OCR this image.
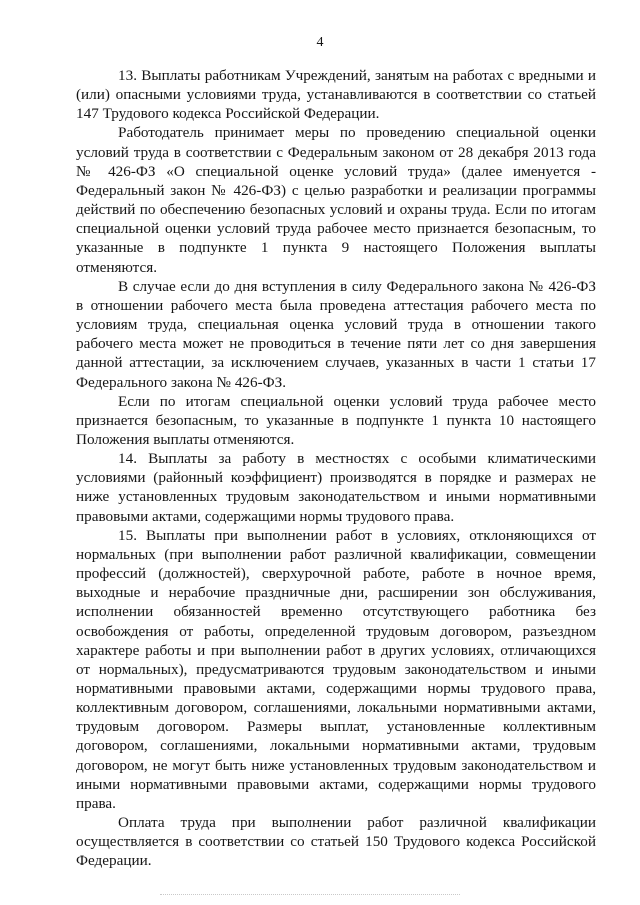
4

13. Выплаты работникам Учреждений, занятым на работах с вредными и (или) опасными условиями труда, устанавливаются в соответствии со статьей 147 Трудового кодекса Российской Федерации.

Работодатель принимает меры по проведению специальной оценки условий труда в соответствии с Федеральным законом от 28 декабря 2013 года № 426-ФЗ «О специальной оценке условий труда» (далее именуется - Федеральный закон № 426-ФЗ) с целью разработки и реализации программы действий по обеспечению безопасных условий и охраны труда. Если по итогам специальной оценки условий труда рабочее место признается безопасным, то указанные в подпункте 1 пункта 9 настоящего Положения выплаты отменяются.

В случае если до дня вступления в силу Федерального закона № 426-ФЗ в отношении рабочего места была проведена аттестация рабочего места по условиям труда, специальная оценка условий труда в отношении такого рабочего места может не проводиться в течение пяти лет со дня завершения данной аттестации, за исключением случаев, указанных в части 1 статьи 17 Федерального закона № 426-ФЗ.

Если по итогам специальной оценки условий труда рабочее место признается безопасным, то указанные в подпункте 1 пункта 10 настоящего Положения выплаты отменяются.

14. Выплаты за работу в местностях с особыми климатическими условиями (районный коэффициент) производятся в порядке и размерах не ниже установленных трудовым законодательством и иными нормативными правовыми актами, содержащими нормы трудового права.

15. Выплаты при выполнении работ в условиях, отклоняющихся от нормальных (при выполнении работ различной квалификации, совмещении профессий (должностей), сверхурочной работе, работе в ночное время, выходные и нерабочие праздничные дни, расширении зон обслуживания, исполнении обязанностей временно отсутствующего работника без освобождения от работы, определенной трудовым договором, разъездном характере работы и при выполнении работ в других условиях, отличающихся от нормальных), предусматриваются трудовым законодательством и иными нормативными правовыми актами, содержащими нормы трудового права, коллективным договором, соглашениями, локальными нормативными актами, трудовым договором. Размеры выплат, установленные коллективным договором, соглашениями, локальными нормативными актами, трудовым договором, не могут быть ниже установленных трудовым законодательством и иными нормативными правовыми актами, содержащими нормы трудового права.

Оплата труда при выполнении работ различной квалификации осуществляется в соответствии со статьей 150 Трудового кодекса Российской Федерации.
